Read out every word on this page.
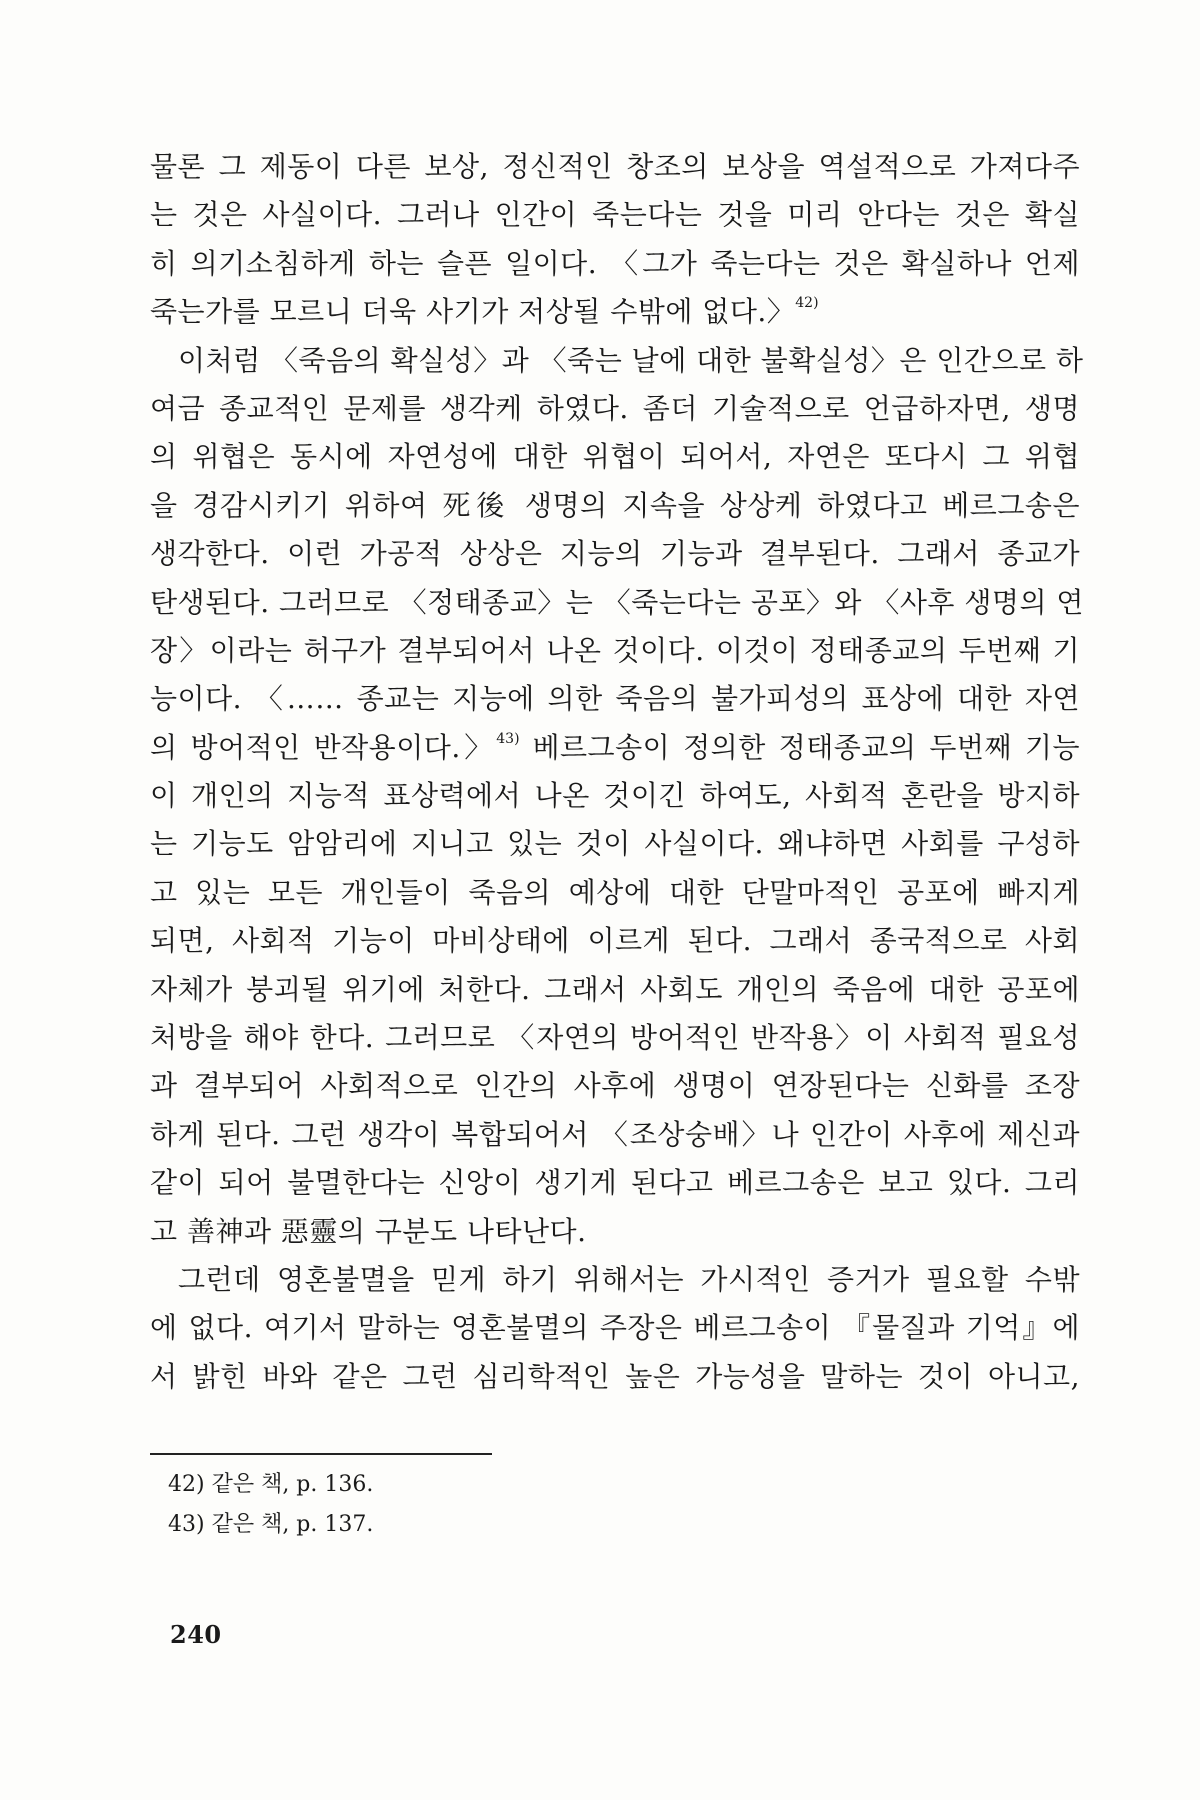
물론 그 제동이 다른 보상, 정신적인 창조의 보상을 역설적으로 가져다주
는 것은 사실이다. 그러나 인간이 죽는다는 것을 미리 안다는 것은 확실
히 의기소침하게 하는 슬픈 일이다. 〈그가 죽는다는 것은 확실하나 언제
죽는가를 모르니 더욱 사기가 저상될 수밖에 없다.〉$^{42)}$
이처럼 〈죽음의 확실성〉과 〈죽는 날에 대한 불확실성〉은 인간으로 하
여금 종교적인 문제를 생각케 하였다. 좀더 기술적으로 언급하자면, 생명
의 위협은 동시에 자연성에 대한 위협이 되어서, 자연은 또다시 그 위협
을 경감시키기 위하여 死後 생명의 지속을 상상케 하였다고 베르그송은
생각한다. 이런 가공적 상상은 지능의 기능과 결부된다. 그래서 종교가
탄생된다. 그러므로 〈정태종교〉는 〈죽는다는 공포〉와 〈사후 생명의 연
장〉이라는 허구가 결부되어서 나온 것이다. 이것이 정태종교의 두번째 기
능이다. 〈…… 종교는 지능에 의한 죽음의 불가피성의 표상에 대한 자연
의 방어적인 반작용이다.〉$^{43)}$ 베르그송이 정의한 정태종교의 두번째 기능
이 개인의 지능적 표상력에서 나온 것이긴 하여도, 사회적 혼란을 방지하
는 기능도 암암리에 지니고 있는 것이 사실이다. 왜냐하면 사회를 구성하
고 있는 모든 개인들이 죽음의 예상에 대한 단말마적인 공포에 빠지게
되면, 사회적 기능이 마비상태에 이르게 된다. 그래서 종국적으로 사회
자체가 붕괴될 위기에 처한다. 그래서 사회도 개인의 죽음에 대한 공포에
처방을 해야 한다. 그러므로 〈자연의 방어적인 반작용〉이 사회적 필요성
과 결부되어 사회적으로 인간의 사후에 생명이 연장된다는 신화를 조장
하게 된다. 그런 생각이 복합되어서 〈조상숭배〉나 인간이 사후에 제신과
같이 되어 불멸한다는 신앙이 생기게 된다고 베르그송은 보고 있다. 그리
고 善神과 惡靈의 구분도 나타난다.
그런데 영혼불멸을 믿게 하기 위해서는 가시적인 증거가 필요할 수밖
에 없다. 여기서 말하는 영혼불멸의 주장은 베르그송이 『물질과 기억』에
서 밝힌 바와 같은 그런 심리학적인 높은 가능성을 말하는 것이 아니고,
42) 같은 책, p. 136.
43) 같은 책, p. 137.
240
